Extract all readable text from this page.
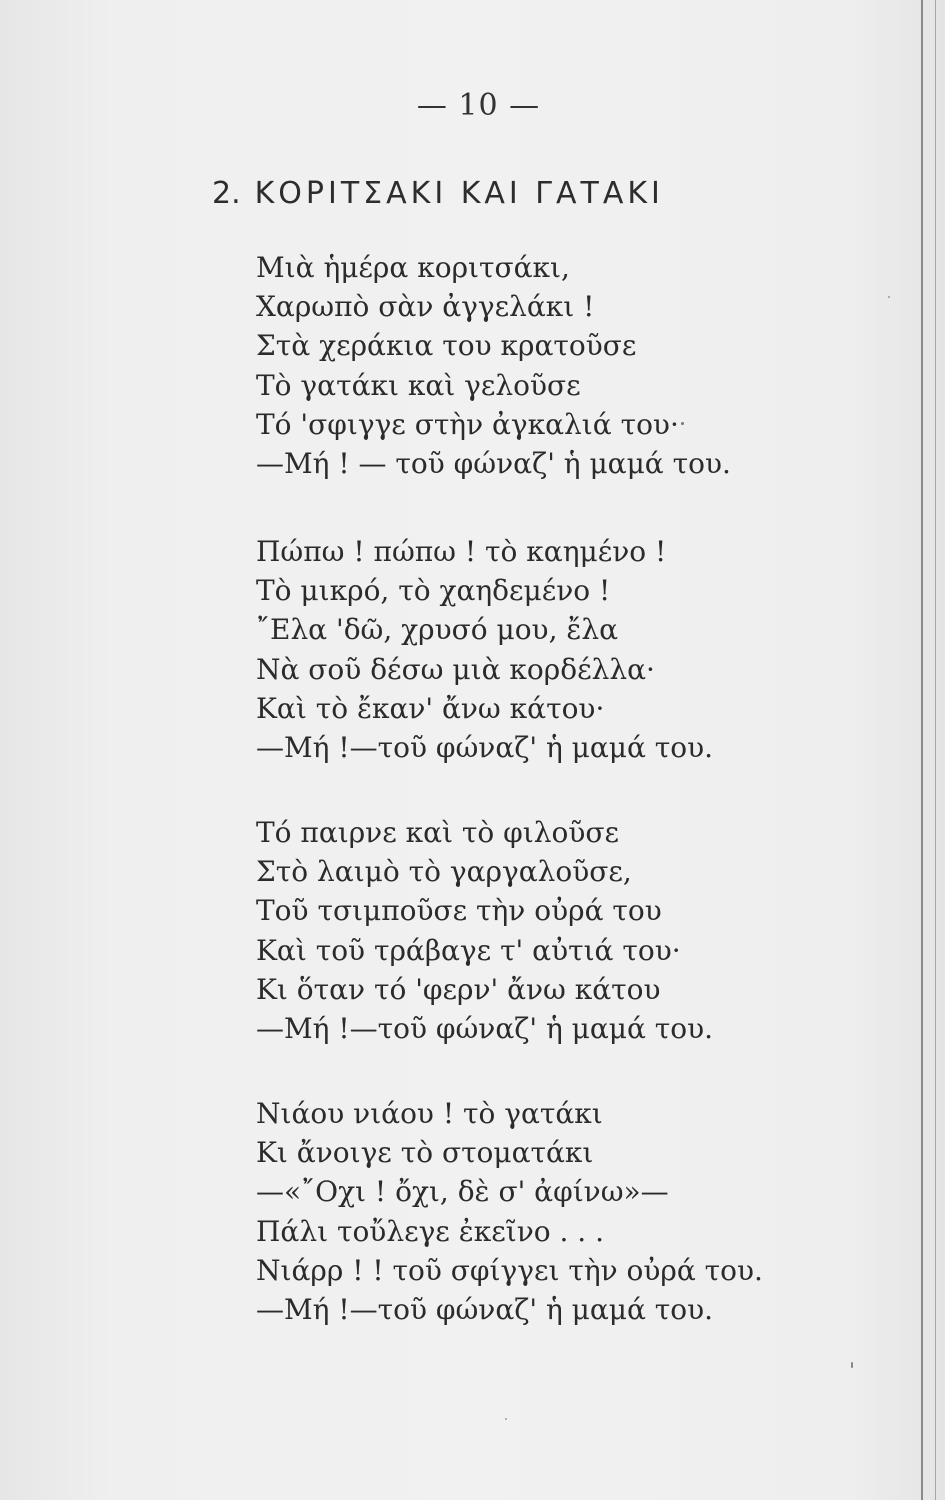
— 10 —
2. ΚΟΡΙΤΣΑΚΙ ΚΑΙ ΓΑΤΑΚΙ
Μιὰ ἡμέρα κοριτσάκι,
Χαρωπὸ σὰν ἀγγελάκι !
Στὰ χεράκια του κρατοῦσε
Τὸ γατάκι καὶ γελοῦσε
Τό 'σφιγγε στὴν ἀγκαλιά του·
—Μή ! — τοῦ φώναζ' ἡ μαμά του.
Πώπω ! πώπω ! τὸ καημένο !
Τὸ μικρό, τὸ χαηδεμένο !
῎Ελα 'δῶ, χρυσό μου, ἔλα
Νὰ σοῦ δέσω μιὰ κορδέλλα·
Καὶ τὸ ἔκαν' ἄνω κάτου·
—Μή !—τοῦ φώναζ' ἡ μαμά του.
Τό παιρνε καὶ τὸ φιλοῦσε
Στὸ λαιμὸ τὸ γαργαλοῦσε,
Τοῦ τσιμποῦσε τὴν οὐρά του
Καὶ τοῦ τράβαγε τ' αὐτιά του·
Κι ὅταν τό 'φερν' ἄνω κάτου
—Μή !—τοῦ φώναζ' ἡ μαμά του.
Νιάου νιάου ! τὸ γατάκι
Κι ἄνοιγε τὸ στοματάκι
—«῎Οχι ! ὄχι, δὲ σ' ἀφίνω»—
Πάλι τοὔλεγε ἐκεῖνο . . .
Νιάρρ ! ! τοῦ σφίγγει τὴν οὐρά του.
—Μή !—τοῦ φώναζ' ἡ μαμά του.
